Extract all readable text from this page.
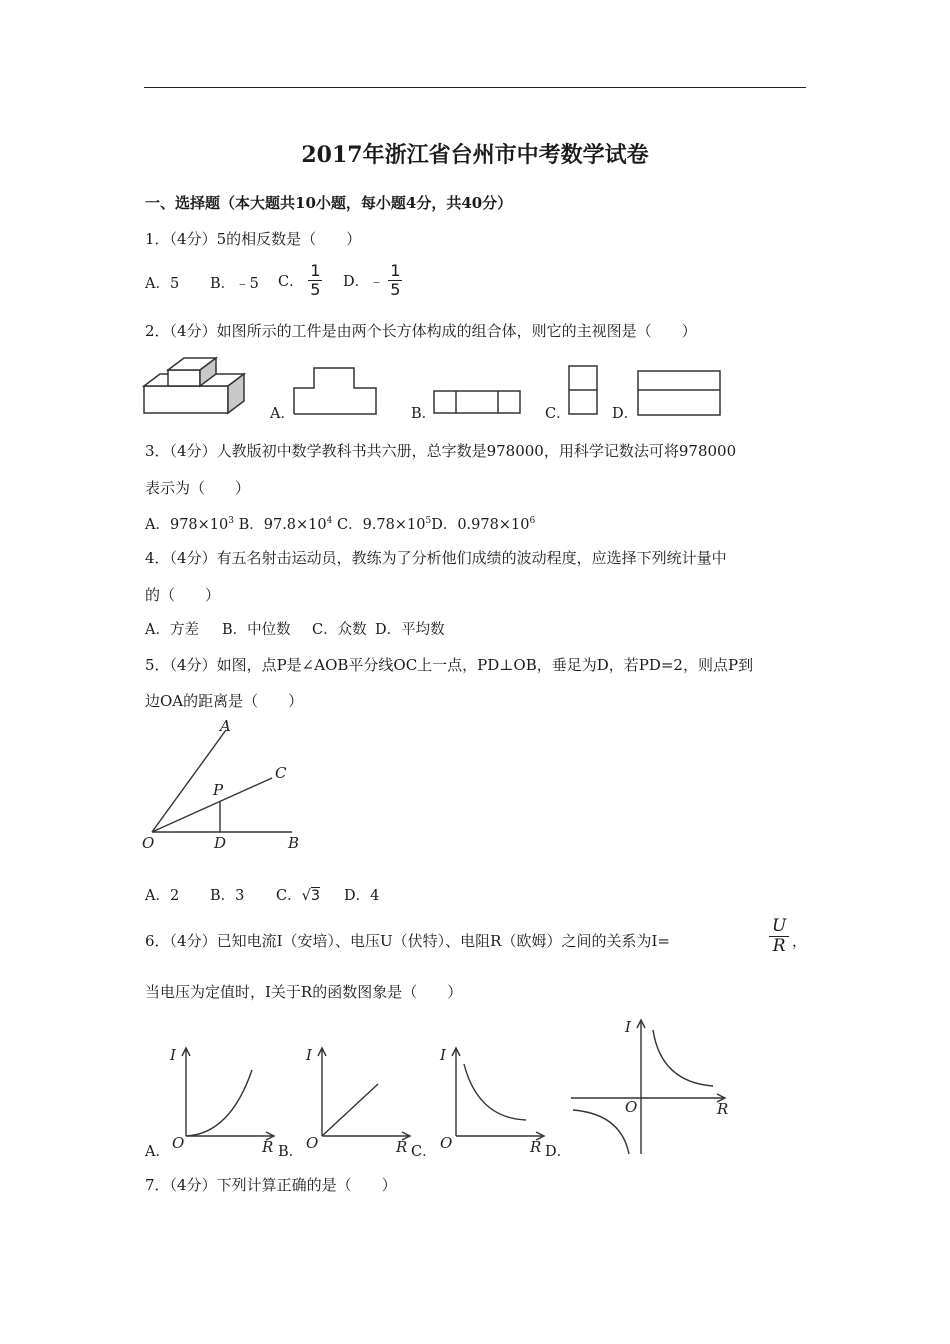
2017年浙江省台州市中考数学试卷
一、选择题（本大题共10小题，每小题4分，共40分）
1．（4分）5的相反数是（　　）
A．5 B．﹣5 C． $\frac{1}{5}$ D．﹣ $\frac{1}{5}$
2．（4分）如图所示的工件是由两个长方体构成的组合体，则它的主视图是（　　）
A．	B．	C．	D．
3．（4分）人教版初中数学教科书共六册，总字数是978000，用科学记数法可将978000
表示为（　　）
A．$978\times 10^3$ B．$97.8\times 10^4$ C．$9.78\times 10^5D$．$0.978\times 10^6$
4．（4分）有五名射击运动员，教练为了分析他们成绩的波动程度，应选择下列统计量中
的（　　）
A．方差 B．中位数 C．众数 D．平均数
5．（4分）如图，点P是∠AOB平分线OC上一点，PD⊥OB，垂足为D，若PD=2，则点P到
边OA的距离是（　　）
A
C
P
O	D	B
A．2 B．3 C．√3 D．4
6．（4分）已知电流I（安培）、电压U（伏特）、电阻R（欧姆）之间的关系为I=	$\frac{U}{R}$ ，
当电压为定值时，I关于R的函数图象是（　　）
A．
I
R
O	B．
I
R
O	C．
I
R
O	D．
I
R
O
7．（4分）下列计算正确的是（　　）
